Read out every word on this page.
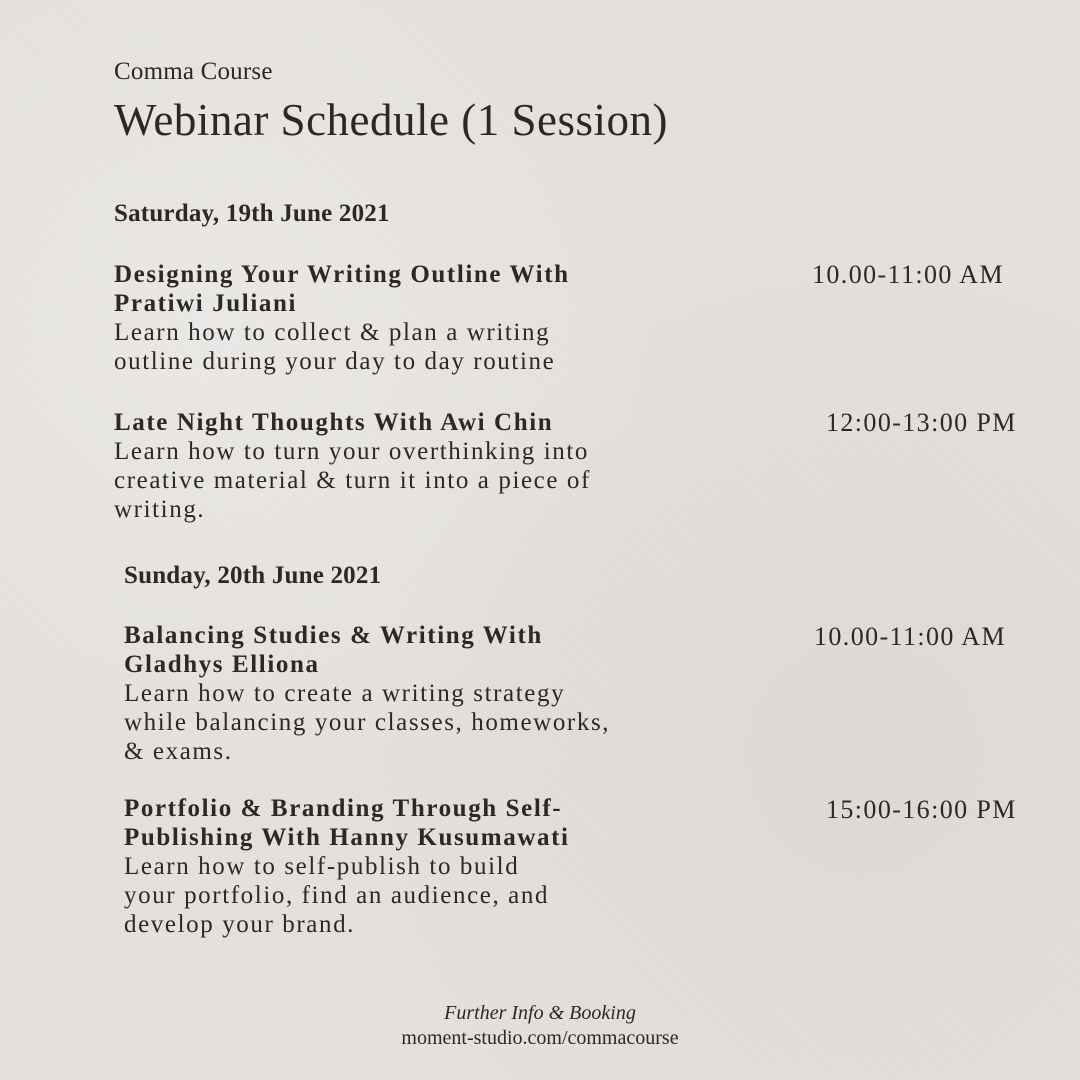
Comma Course
Webinar Schedule (1 Session)
Saturday, 19th June 2021
Designing Your Writing Outline With
Pratiwi Juliani
Learn how to collect & plan a writing
outline during your day to day routine
10.00-11:00 AM
Late Night Thoughts With Awi Chin
Learn how to turn your overthinking into
creative material & turn it into a piece of
writing.
12:00-13:00 PM
Sunday, 20th June 2021
Balancing Studies & Writing With
Gladhys Elliona
Learn how to create a writing strategy
while balancing your classes, homeworks,
& exams.
10.00-11:00 AM
Portfolio & Branding Through Self-
Publishing With Hanny Kusumawati
Learn how to self-publish to build
your portfolio, find an audience, and
develop your brand.
15:00-16:00 PM
Further Info & Booking
moment-studio.com/commacourse
